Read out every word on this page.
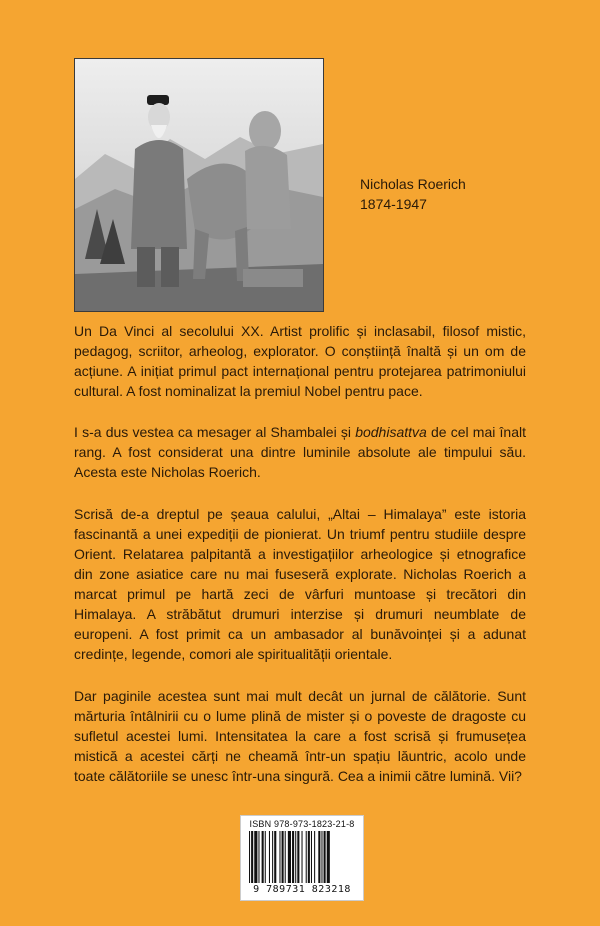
Nicholas Roerich
1874-1947

Un Da Vinci al secolului XX. Artist prolific și inclasabil, filosof mistic, pedagog, scriitor, arheolog, explorator. O conștiință înaltă și un om de acțiune. A inițiat primul pact internațional pentru protejarea patrimoniului cultural. A fost nominalizat la premiul Nobel pentru pace.

I s-a dus vestea ca mesager al Shambalei și bodhisattva de cel mai înalt rang. A fost considerat una dintre luminile absolute ale timpului său. Acesta este Nicholas Roerich.

Scrisă de-a dreptul pe șeaua calului, „Altai – Himalaya” este istoria fascinantă a unei expediții de pionierat. Un triumf pentru studiile despre Orient. Relatarea palpitantă a investigațiilor arheologice și etnografice din zone asiatice care nu mai fuseseră explorate. Nicholas Roerich a marcat primul pe hartă zeci de vârfuri muntoase și trecători din Himalaya. A străbătut drumuri interzise și drumuri neumblate de europeni. A fost primit ca un ambasador al bunăvoinței și a adunat credințe, legende, comori ale spiritualității orientale.

Dar paginile acestea sunt mai mult decât un jurnal de călătorie. Sunt mărturia întâlnirii cu o lume plină de mister și o poveste de dragoste cu sufletul acestei lumi. Intensitatea la care a fost scrisă și frumusețea mistică a acestei cărți ne cheamă într-un spațiu lăuntric, acolo unde toate călătoriile se unesc într-una singură. Cea a inimii către lumină. Vii?

ISBN 978-973-1823-21-8
9 789731 823218
